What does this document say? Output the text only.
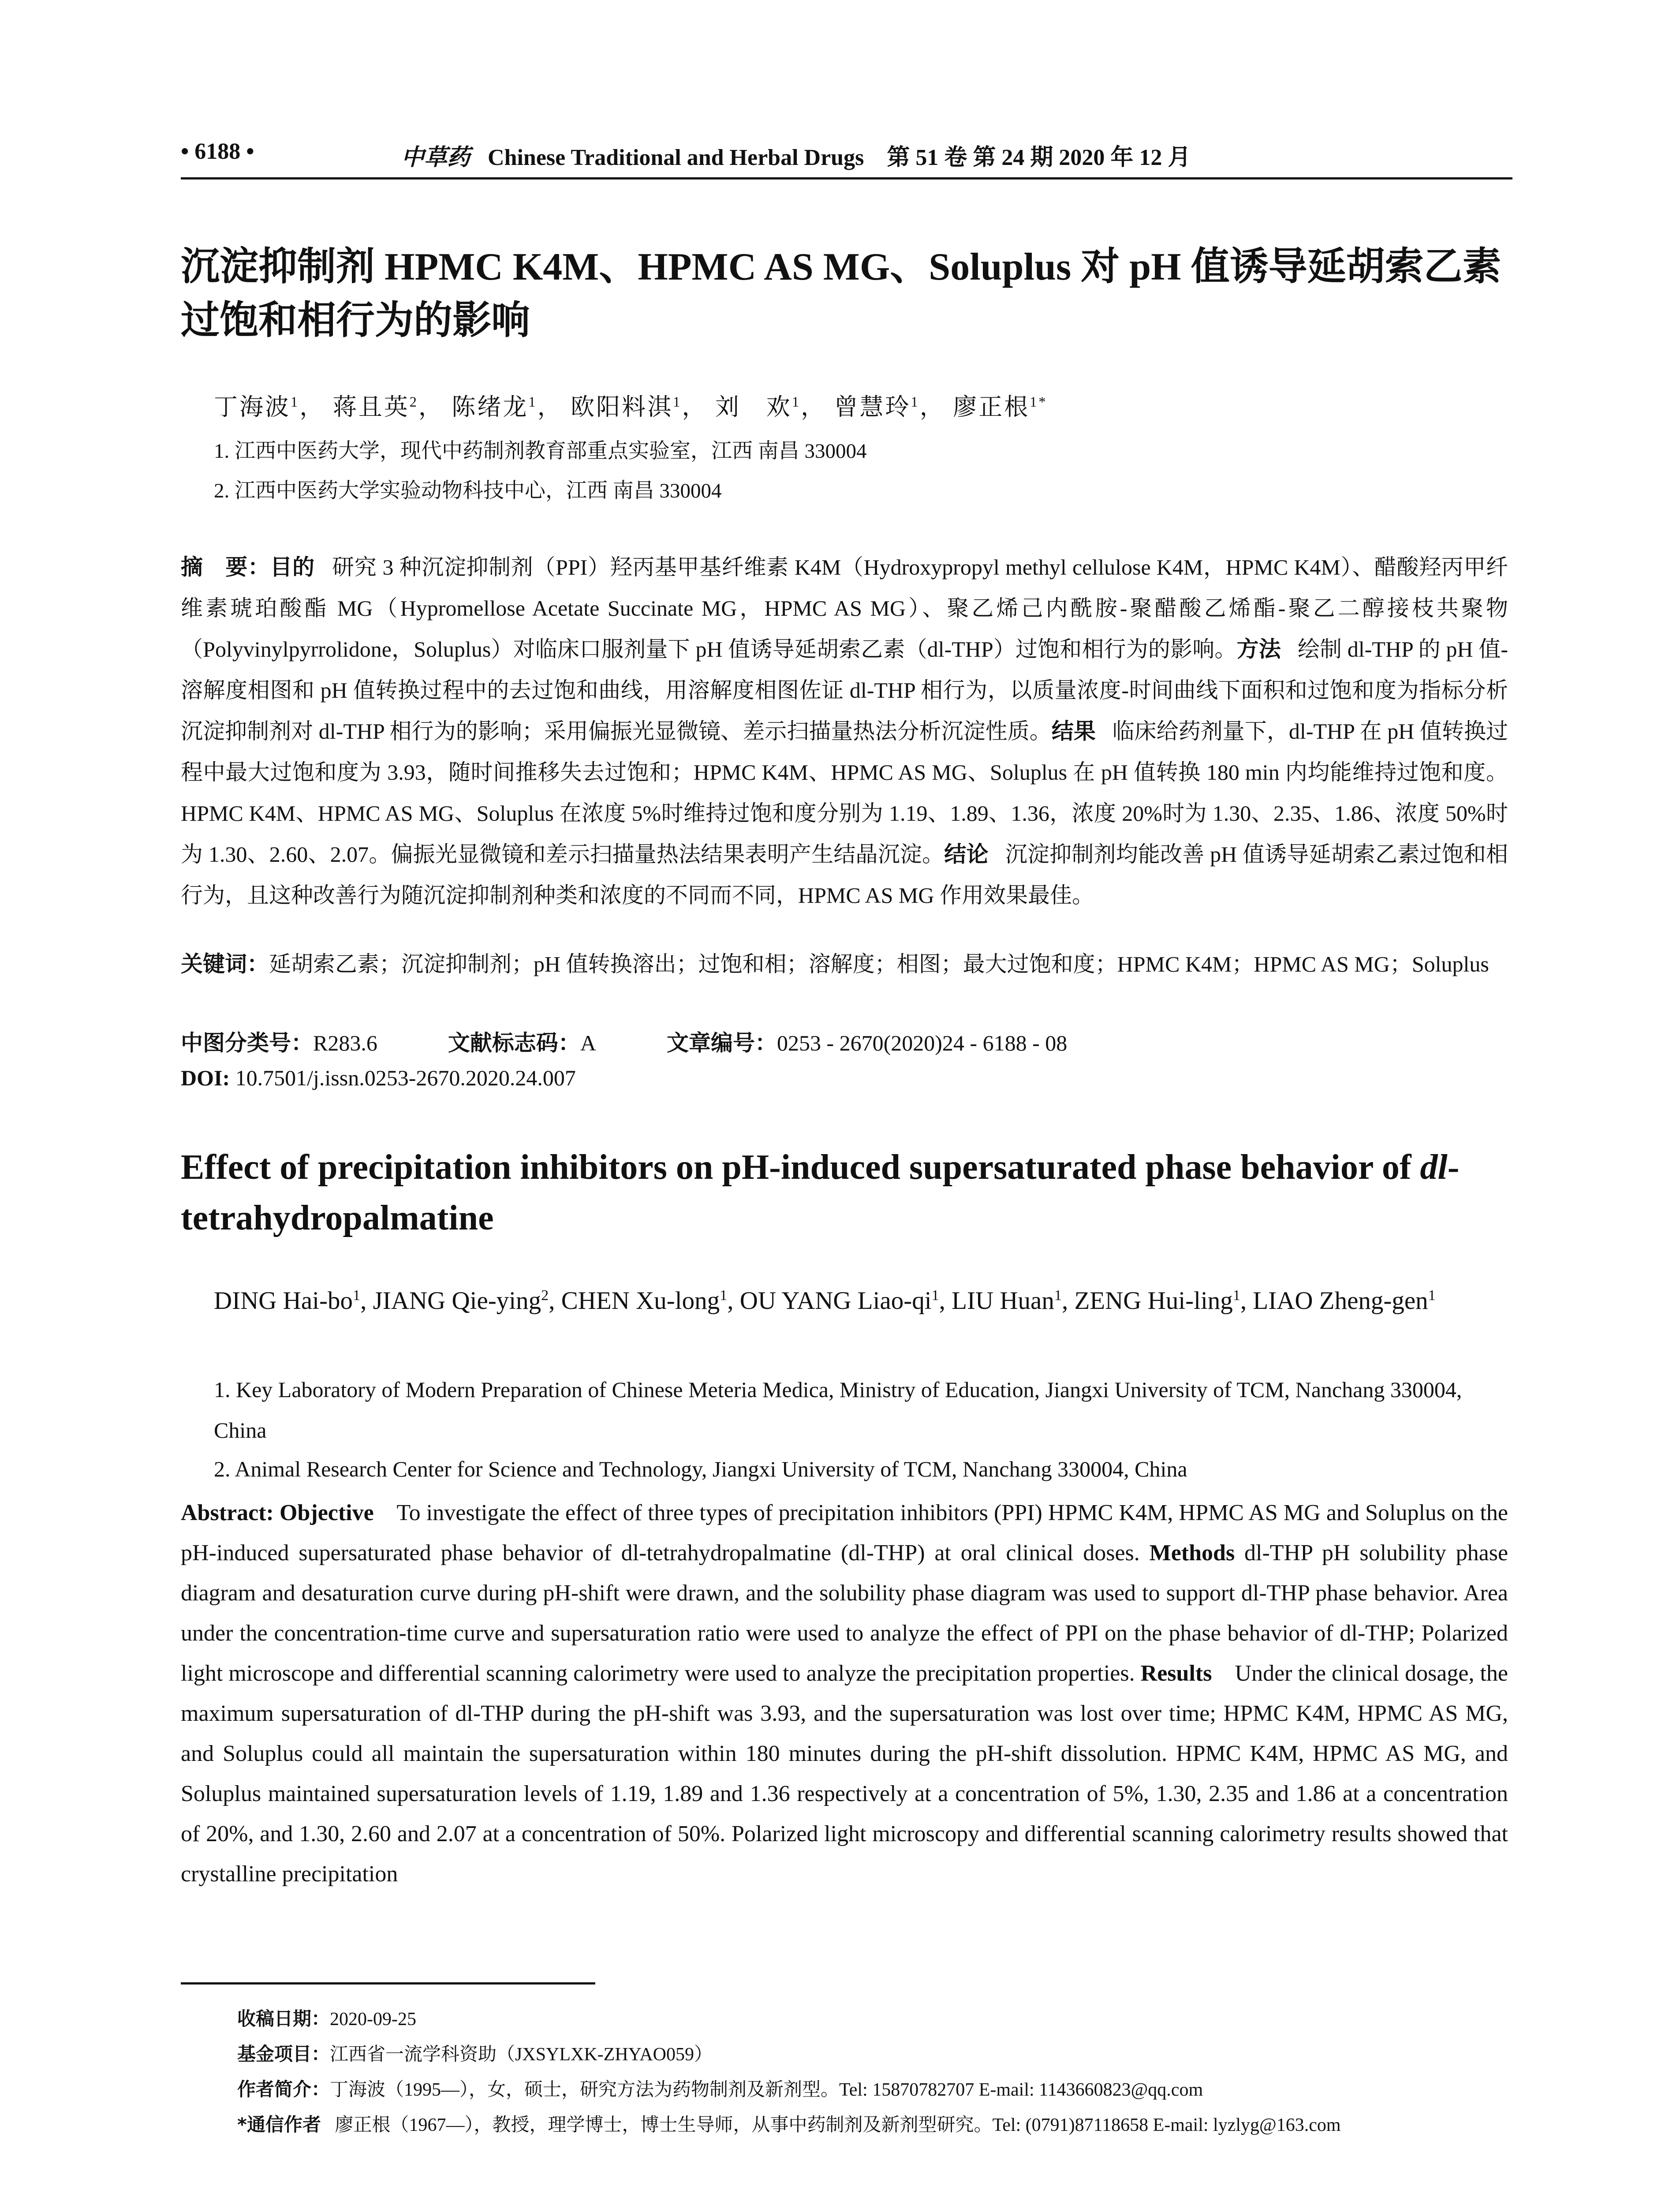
• 6188 •	中草药 Chinese Traditional and Herbal Drugs 第 51 卷 第 24 期 2020 年 12 月
沉淀抑制剂 HPMC K4M、HPMC AS MG、Soluplus 对 pH 值诱导延胡索乙素过饱和相行为的影响
丁海波$^1$， 蒋且英$^2$， 陈绪龙$^1$， 欧阳料淇$^1$， 刘　欢$^1$， 曾慧玲$^1$， 廖正根$^{1*}$
1. 江西中医药大学，现代中药制剂教育部重点实验室，江西 南昌 330004
2. 江西中医药大学实验动物科技中心，江西 南昌 330004
摘　要：目的 研究 3 种沉淀抑制剂（PPI）羟丙基甲基纤维素 K4M（Hydroxypropyl methyl cellulose K4M，HPMC K4M）、醋酸羟丙甲纤维素琥珀酸酯 MG（Hypromellose Acetate Succinate MG，HPMC AS MG）、聚乙烯己内酰胺-聚醋酸乙烯酯-聚乙二醇接枝共聚物（Polyvinylpyrrolidone，Soluplus）对临床口服剂量下 pH 值诱导延胡索乙素（dl-THP）过饱和相行为的影响。方法 绘制 dl-THP 的 pH 值-溶解度相图和 pH 值转换过程中的去过饱和曲线，用溶解度相图佐证 dl-THP 相行为，以质量浓度-时间曲线下面积和过饱和度为指标分析沉淀抑制剂对 dl-THP 相行为的影响；采用偏振光显微镜、差示扫描量热法分析沉淀性质。结果 临床给药剂量下，dl-THP 在 pH 值转换过程中最大过饱和度为 3.93，随时间推移失去过饱和；HPMC K4M、HPMC AS MG、Soluplus 在 pH 值转换 180 min 内均能维持过饱和度。HPMC K4M、HPMC AS MG、Soluplus 在浓度 5%时维持过饱和度分别为 1.19、1.89、1.36，浓度 20%时为 1.30、2.35、1.86、浓度 50%时为 1.30、2.60、2.07。偏振光显微镜和差示扫描量热法结果表明产生结晶沉淀。结论 沉淀抑制剂均能改善 pH 值诱导延胡索乙素过饱和相行为，且这种改善行为随沉淀抑制剂种类和浓度的不同而不同，HPMC AS MG 作用效果最佳。
关键词：延胡索乙素；沉淀抑制剂；pH 值转换溶出；过饱和相；溶解度；相图；最大过饱和度；HPMC K4M；HPMC AS MG；Soluplus
中图分类号：R283.6	文献标志码：A	文章编号：0253 - 2670(2020)24 - 6188 - 08
DOI: 10.7501/j.issn.0253-2670.2020.24.007
Effect of precipitation inhibitors on pH-induced supersaturated phase behavior of dl-tetrahydropalmatine
DING Hai-$bo^1$, JIANG Qie-ying$^2$, CHEN Xu-long$^1$, OU YANG Liao-$qi^1$, LIU Huan$^1$, ZENG Hui-ling$^1$, LIAO Zheng-gen$^1$
1. Key Laboratory of Modern Preparation of Chinese Meteria Medica, Ministry of Education, Jiangxi University of TCM, Nanchang 330004, China
2. Animal Research Center for Science and Technology, Jiangxi University of TCM, Nanchang 330004, China
Abstract: Objective To investigate the effect of three types of precipitation inhibitors (PPI) HPMC K4M, HPMC AS MG and Soluplus on the pH-induced supersaturated phase behavior of dl-tetrahydropalmatine (dl-THP) at oral clinical doses. Methods dl-THP pH solubility phase diagram and desaturation curve during pH-shift were drawn, and the solubility phase diagram was used to support dl-THP phase behavior. Area under the concentration-time curve and supersaturation ratio were used to analyze the effect of PPI on the phase behavior of dl-THP; Polarized light microscope and differential scanning calorimetry were used to analyze the precipitation properties. Results Under the clinical dosage, the maximum supersaturation of dl-THP during the pH-shift was 3.93, and the supersaturation was lost over time; HPMC K4M, HPMC AS MG, and Soluplus could all maintain the supersaturation within 180 minutes during the pH-shift dissolution. HPMC K4M, HPMC AS MG, and Soluplus maintained supersaturation levels of 1.19, 1.89 and 1.36 respectively at a concentration of 5%, 1.30, 2.35 and 1.86 at a concentration of 20%, and 1.30, 2.60 and 2.07 at a concentration of 50%. Polarized light microscopy and differential scanning calorimetry results showed that crystalline precipitation
收稿日期：2020-09-25
基金项目：江西省一流学科资助（JXSYLXK-ZHYAO059）
作者简介：丁海波（1995—），女，硕士，研究方法为药物制剂及新剂型。Tel: 15870782707 E-mail: 1143660823@qq.com
*通信作者 廖正根（1967—），教授，理学博士，博士生导师，从事中药制剂及新剂型研究。Tel: (0791)87118658 E-mail: lyzlyg@163.com
